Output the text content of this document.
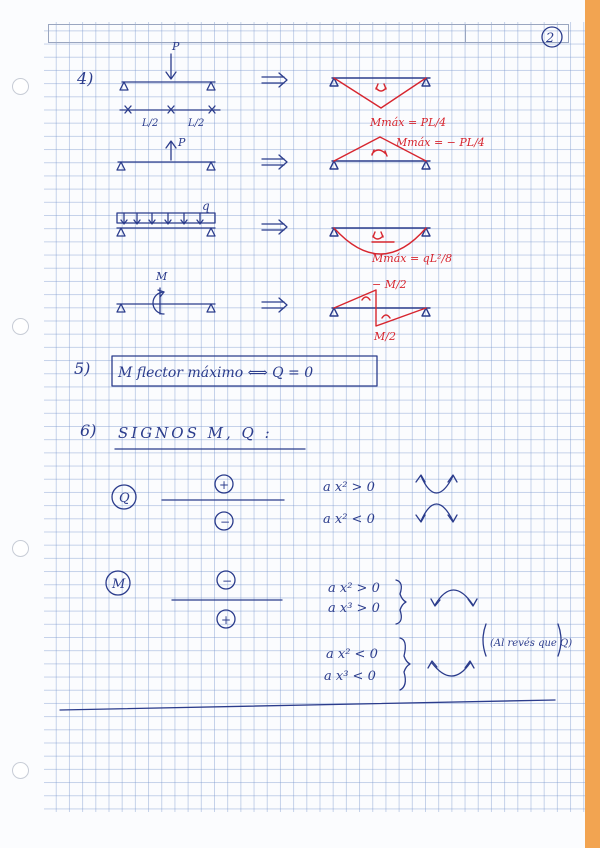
2
4)
P
L/2	L/2
P
q
M
5) M flector máximo ⟺ Q = 0
6) SIGNOS M, Q :
Q
+
−
a x² > 0
a x² < 0
M	−
+
a x² > 0
a x³ > 0
a x² < 0
a x³ < 0
(Al revés que Q)
Mmáx = PL/4
Mmáx = − PL/4
Mmáx = qL²/8
− M/2
M/2
